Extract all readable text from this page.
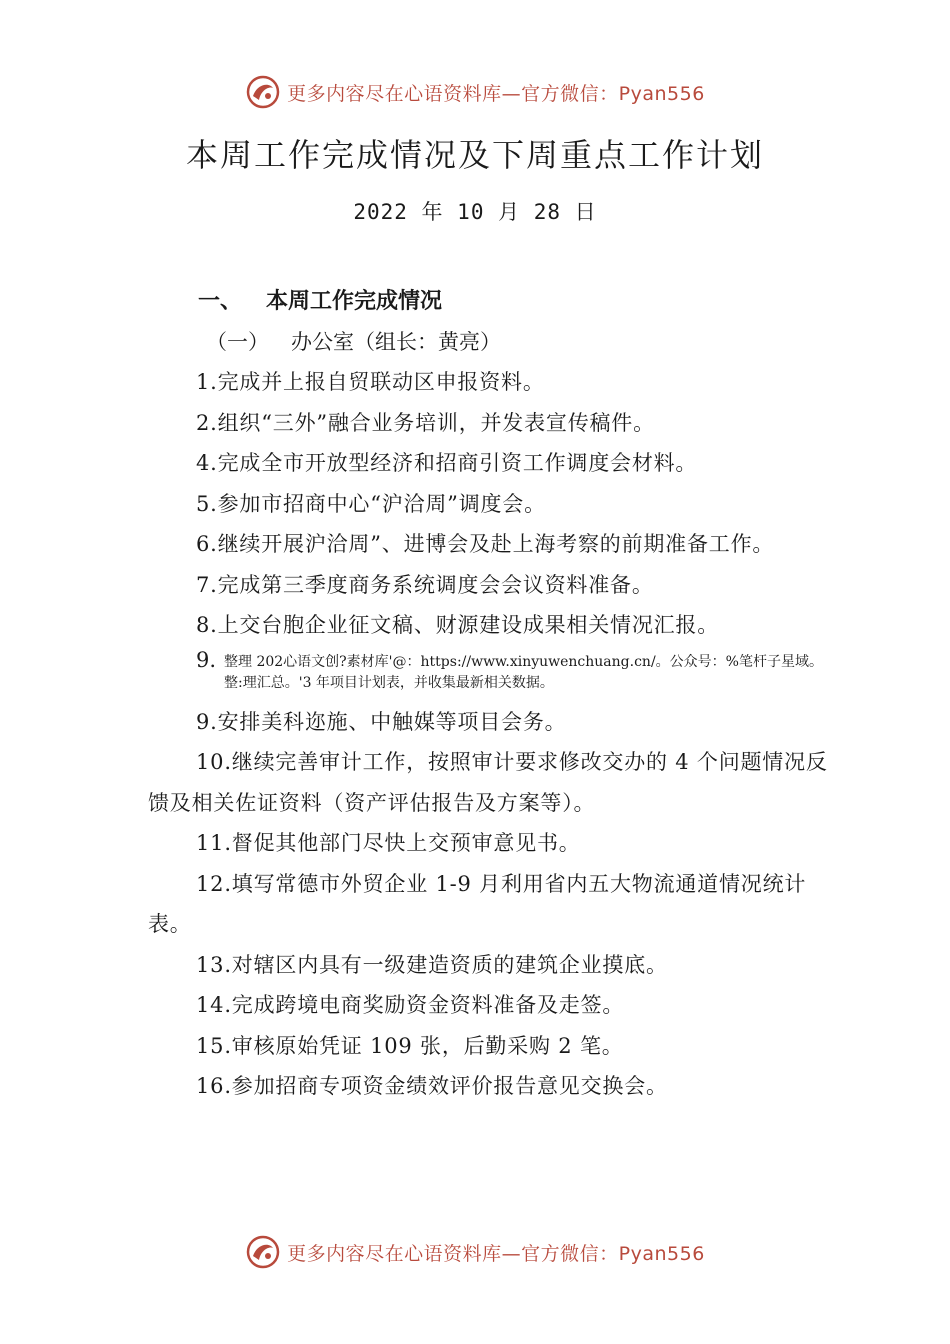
更多内容尽在心语资料库—官方微信：Pyan556
本周工作完成情况及下周重点工作计划
2022 年 10 月 28 日
一、 本周工作完成情况
（一） 办公室（组长：黄亮）
1.完成并上报自贸联动区申报资料。
2.组织“三外”融合业务培训，并发表宣传稿件。
4.完成全市开放型经济和招商引资工作调度会材料。
5.参加市招商中心“沪洽周”调度会。
6.继续开展沪洽周”、进博会及赴上海考察的前期准备工作。
7.完成第三季度商务系统调度会会议资料准备。
8.上交台胞企业征文稿、财源建设成果相关情况汇报。
9. 整理 202心语文创?素材库'@：https://www.xinyuwenchuang.cn/。公众号：%笔杆子星域。整:理汇总。'3 年项目计划表，并收集最新相关数据。
9.安排美科迩施、中触媒等项目会务。
10.继续完善审计工作，按照审计要求修改交办的 4 个问题情况反馈及相关佐证资料（资产评估报告及方案等）。
11.督促其他部门尽快上交预审意见书。
12.填写常德市外贸企业 1-9 月利用省内五大物流通道情况统计表。
13.对辖区内具有一级建造资质的建筑企业摸底。
14.完成跨境电商奖励资金资料准备及走签。
15.审核原始凭证 109 张，后勤采购 2 笔。
16.参加招商专项资金绩效评价报告意见交换会。
更多内容尽在心语资料库—官方微信：Pyan556
